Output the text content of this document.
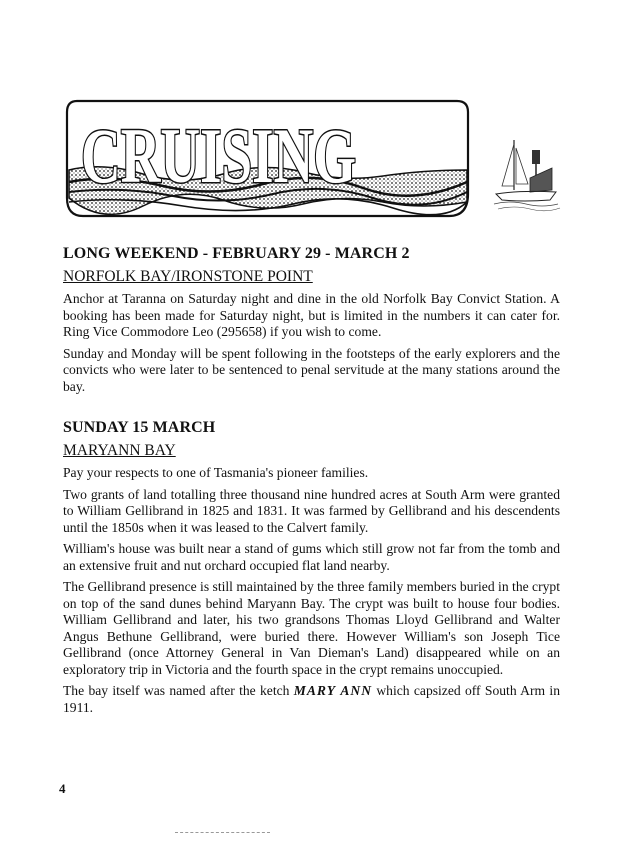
CRUISING
LONG WEEKEND - FEBRUARY 29 - MARCH 2
NORFOLK BAY/IRONSTONE POINT

Anchor at Taranna on Saturday night and dine in the old Norfolk Bay Convict Station. A booking has been made for Saturday night, but is limited in the numbers it can cater for. Ring Vice Commodore Leo (295658) if you wish to come.

Sunday and Monday will be spent following in the footsteps of the early explorers and the convicts who were later to be sentenced to penal servitude at the many stations around the bay.

SUNDAY 15 MARCH
MARYANN BAY

Pay your respects to one of Tasmania's pioneer families.

Two grants of land totalling three thousand nine hundred acres at South Arm were granted to William Gellibrand in 1825 and 1831. It was farmed by Gellibrand and his descendents until the 1850s when it was leased to the Calvert family.

William's house was built near a stand of gums which still grow not far from the tomb and an extensive fruit and nut orchard occupied flat land nearby.

The Gellibrand presence is still maintained by the three family members buried in the crypt on top of the sand dunes behind Maryann Bay. The crypt was built to house four bodies. William Gellibrand and later, his two grandsons Thomas Lloyd Gellibrand and Walter Angus Bethune Gellibrand, were buried there. However William's son Joseph Tice Gellibrand (once Attorney General in Van Dieman's Land) disappeared while on an exploratory trip in Victoria and the fourth space in the crypt remains unoccupied.

The bay itself was named after the ketch MARY ANN which capsized off South Arm in 1911.

4
